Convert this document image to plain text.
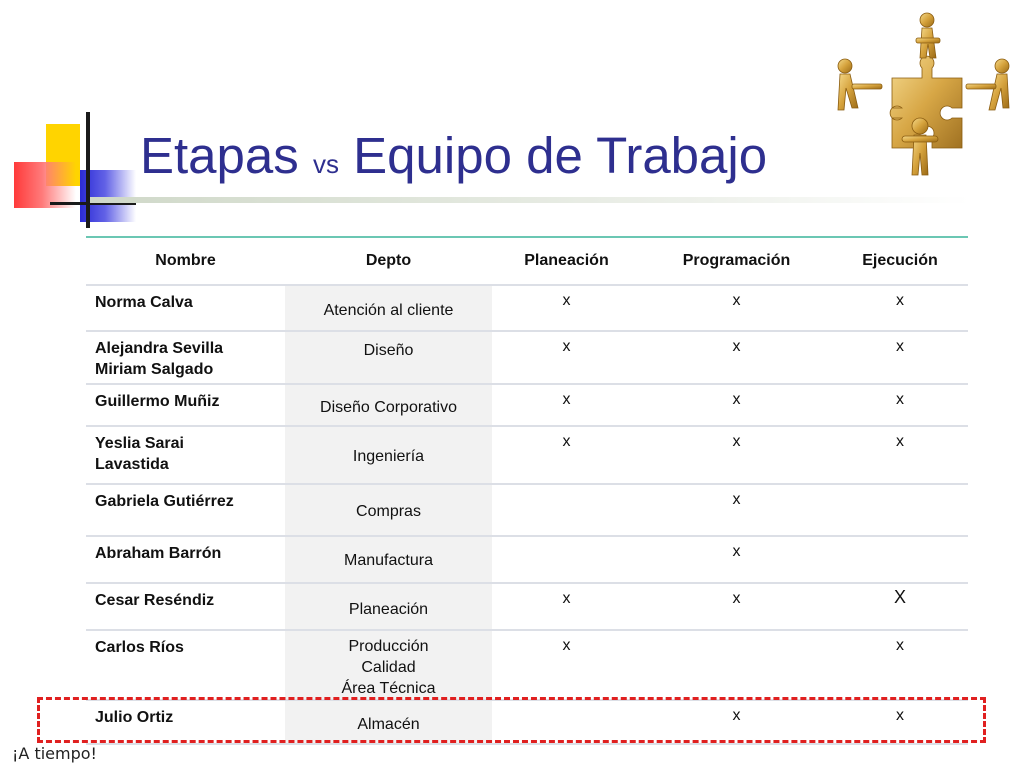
Etapas vs Equipo de Trabajo
Nombre	Depto	Planeación	Programación	Ejecución

Norma Calva	Atención al cliente	x	x	x

Alejandra Sevilla
Miriam Salgado	Diseño	x	x	x

Guillermo Muñiz	Diseño Corporativo	x	x	x

Yeslia Sarai
Lavastida	Ingeniería	x	x	x

Gabriela Gutiérrez	Compras		x	

Abraham Barrón	Manufactura		x	

Cesar Reséndiz	Planeación	x	x	X

Carlos Ríos	Producción
Calidad
Área Técnica	x		x

Julio Ortiz	Almacén		x	x
¡A tiempo!
